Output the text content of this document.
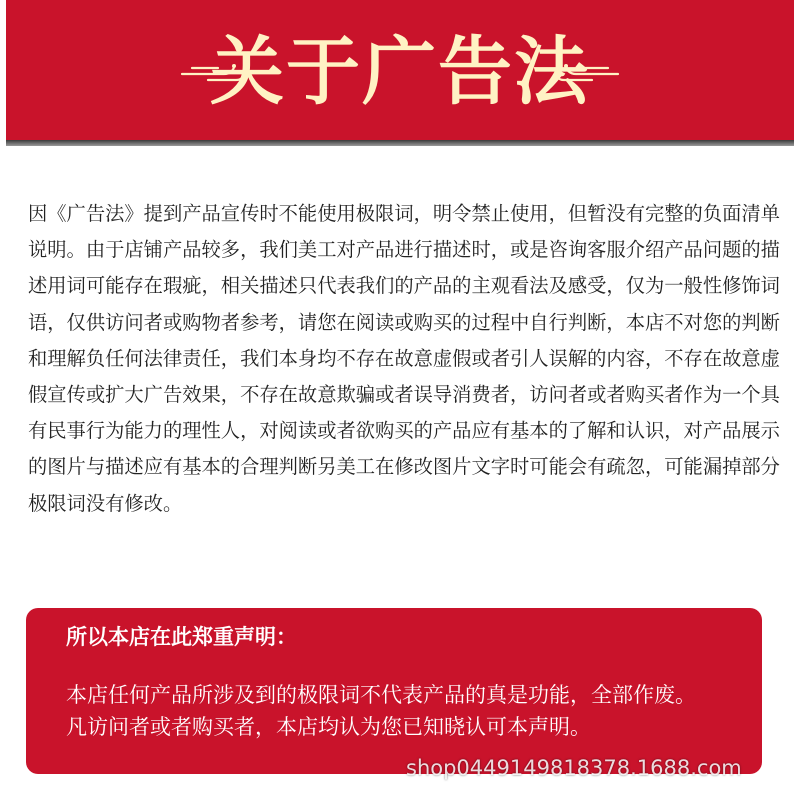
关于广告法
因《广告法》提到产品宣传时不能使用极限词，明令禁止使用，但暂没有完整的负面清单说明。由于店铺产品较多，我们美工对产品进行描述时，或是咨询客服介绍产品问题的描述用词可能存在瑕疵，相关描述只代表我们的产品的主观看法及感受，仅为一般性修饰词语，仅供访问者或购物者参考，请您在阅读或购买的过程中自行判断，本店不对您的判断和理解负任何法律责任，我们本身均不存在故意虚假或者引人误解的内容，不存在故意虚假宣传或扩大广告效果，不存在故意欺骗或者误导消费者，访问者或者购买者作为一个具有民事行为能力的理性人，对阅读或者欲购买的产品应有基本的了解和认识，对产品展示的图片与描述应有基本的合理判断另美工在修改图片文字时可能会有疏忽，可能漏掉部分极限词没有修改。
所以本店在此郑重声明：
本店任何产品所涉及到的极限词不代表产品的真是功能，全部作废。
凡访问者或者购买者，本店均认为您已知晓认可本声明。
shop0449149818378.1688.com
